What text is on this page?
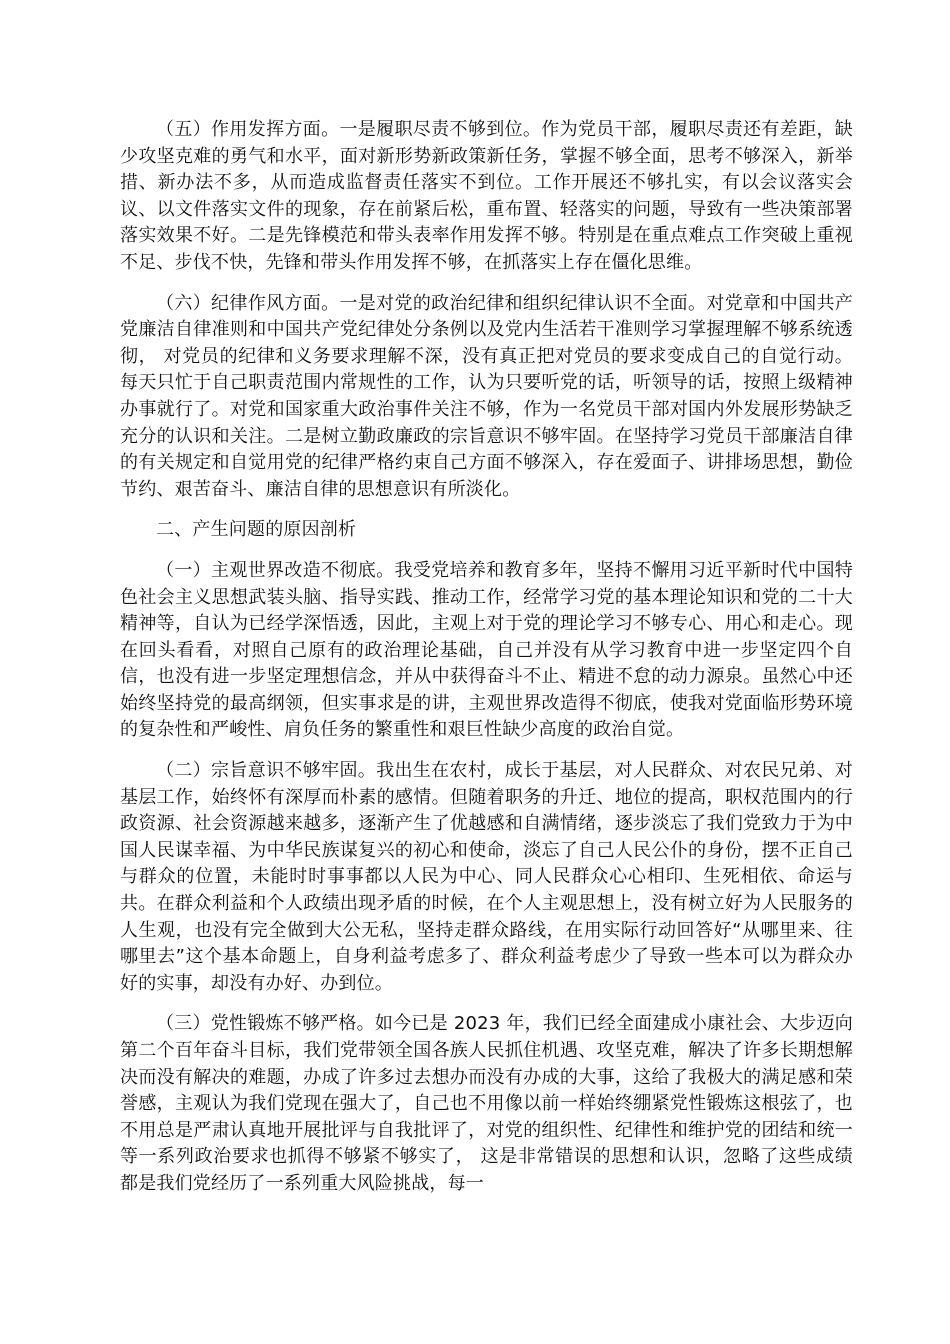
（五）作用发挥方面。一是履职尽责不够到位。作为党员干部，履职尽责还有差距，缺少攻坚克难的勇气和水平，面对新形势新政策新任务，掌握不够全面，思考不够深入，新举措、新办法不多，从而造成监督责任落实不到位。工作开展还不够扎实，有以会议落实会议、以文件落实文件的现象，存在前紧后松，重布置、轻落实的问题，导致有一些决策部署落实效果不好。二是先锋模范和带头表率作用发挥不够。特别是在重点难点工作突破上重视不足、步伐不快，先锋和带头作用发挥不够，在抓落实上存在僵化思维。

（六）纪律作风方面。一是对党的政治纪律和组织纪律认识不全面。对党章和中国共产党廉洁自律准则和中国共产党纪律处分条例以及党内生活若干准则学习掌握理解不够系统透彻， 对党员的纪律和义务要求理解不深，没有真正把对党员的要求变成自己的自觉行动。每天只忙于自己职责范围内常规性的工作，认为只要听党的话，听领导的话，按照上级精神办事就行了。对党和国家重大政治事件关注不够，作为一名党员干部对国内外发展形势缺乏充分的认识和关注。二是树立勤政廉政的宗旨意识不够牢固。在坚持学习党员干部廉洁自律的有关规定和自觉用党的纪律严格约束自己方面不够深入，存在爱面子、讲排场思想，勤俭节约、艰苦奋斗、廉洁自律的思想意识有所淡化。

二、产生问题的原因剖析

（一）主观世界改造不彻底。我受党培养和教育多年，坚持不懈用习近平新时代中国特色社会主义思想武装头脑、指导实践、推动工作，经常学习党的基本理论知识和党的二十大精神等，自认为已经学深悟透，因此，主观上对于党的理论学习不够专心、用心和走心。现在回头看看，对照自己原有的政治理论基础，自己并没有从学习教育中进一步坚定四个自信，也没有进一步坚定理想信念，并从中获得奋斗不止、精进不怠的动力源泉。虽然心中还始终坚持党的最高纲领，但实事求是的讲，主观世界改造得不彻底，使我对党面临形势环境的复杂性和严峻性、肩负任务的繁重性和艰巨性缺少高度的政治自觉。

（二）宗旨意识不够牢固。我出生在农村，成长于基层，对人民群众、对农民兄弟、对基层工作，始终怀有深厚而朴素的感情。但随着职务的升迁、地位的提高，职权范围内的行政资源、社会资源越来越多，逐渐产生了优越感和自满情绪，逐步淡忘了我们党致力于为中国人民谋幸福、为中华民族谋复兴的初心和使命，淡忘了自己人民公仆的身份，摆不正自己与群众的位置，未能时时事事都以人民为中心、同人民群众心心相印、生死相依、命运与共。在群众利益和个人政绩出现矛盾的时候，在个人主观思想上，没有树立好为人民服务的人生观，也没有完全做到大公无私，坚持走群众路线，在用实际行动回答好“从哪里来、往哪里去”这个基本命题上，自身利益考虑多了、群众利益考虑少了导致一些本可以为群众办好的实事，却没有办好、办到位。

（三）党性锻炼不够严格。如今已是 2023 年，我们已经全面建成小康社会、大步迈向第二个百年奋斗目标，我们党带领全国各族人民抓住机遇、攻坚克难，解决了许多长期想解决而没有解决的难题，办成了许多过去想办而没有办成的大事，这给了我极大的满足感和荣誉感，主观认为我们党现在强大了，自己也不用像以前一样始终绷紧党性锻炼这根弦了，也不用总是严肃认真地开展批评与自我批评了，对党的组织性、纪律性和维护党的团结和统一等一系列政治要求也抓得不够紧不够实了， 这是非常错误的思想和认识，忽略了这些成绩都是我们党经历了一系列重大风险挑战，每一
